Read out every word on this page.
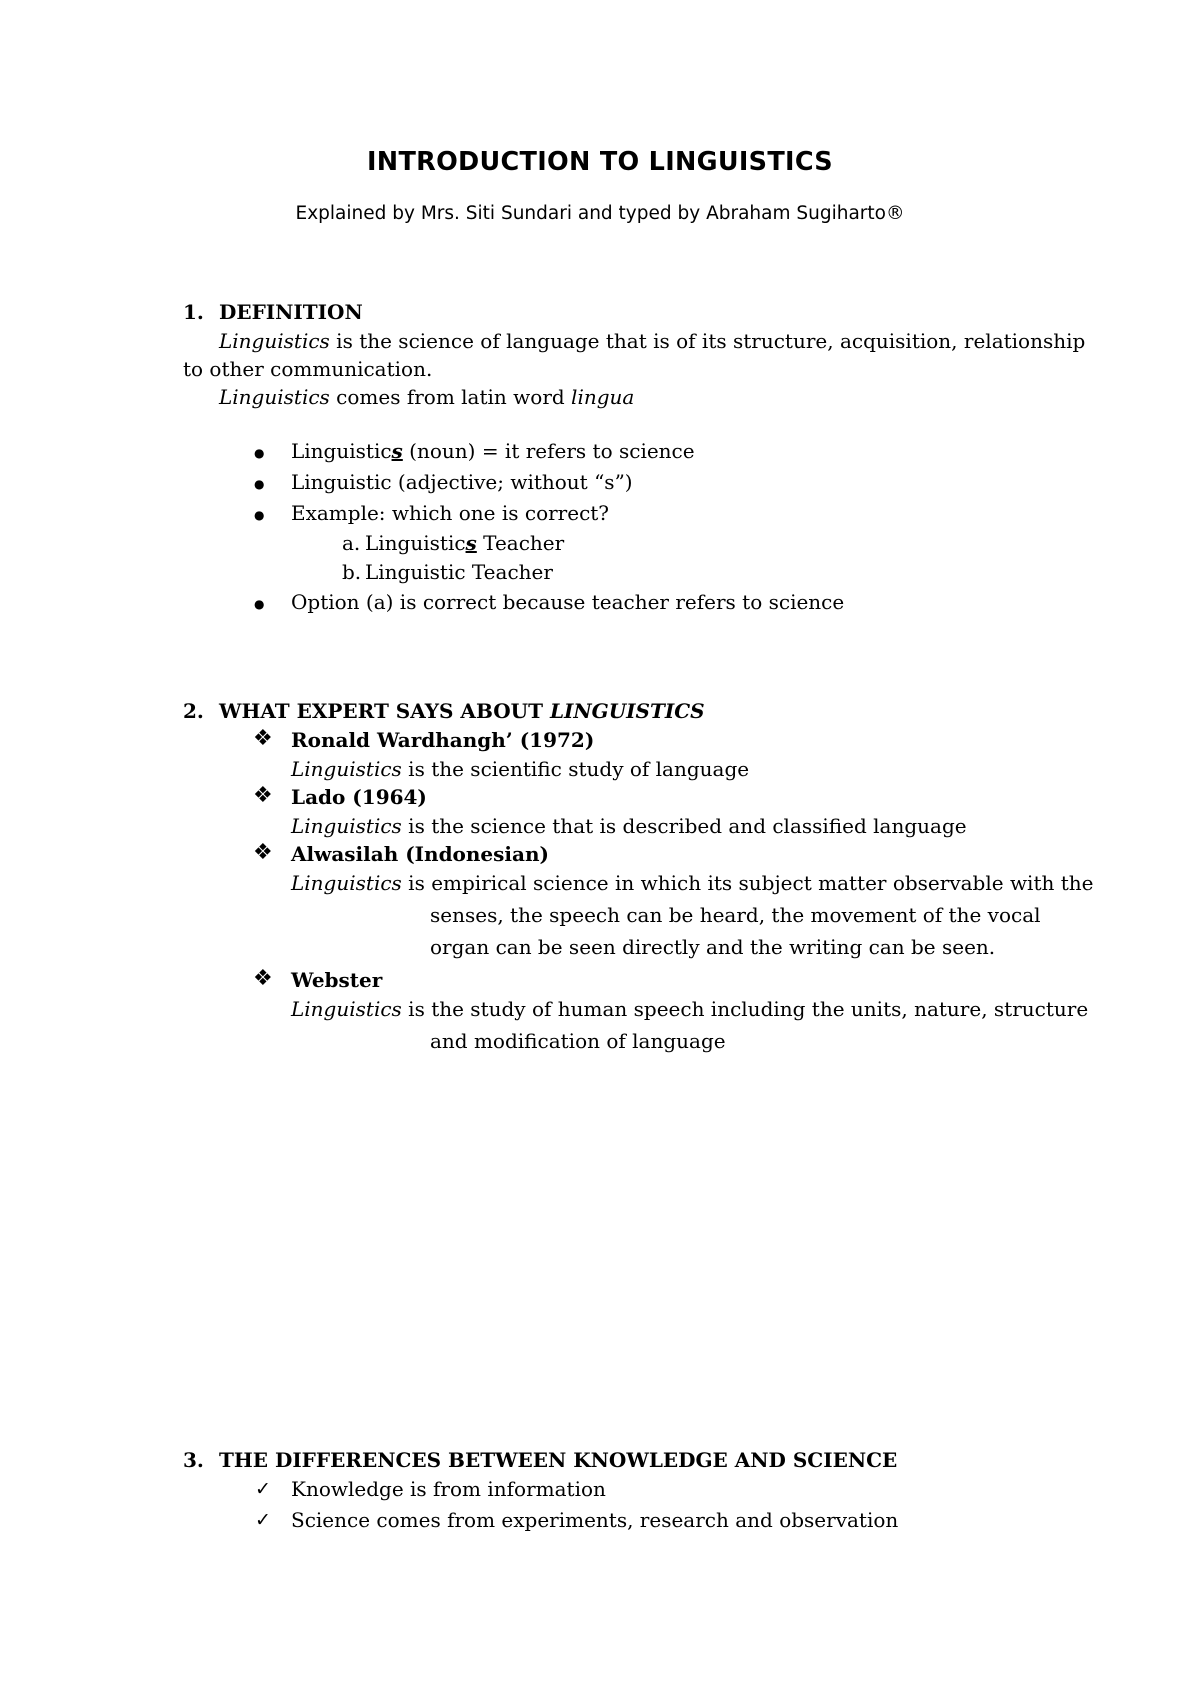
INTRODUCTION TO LINGUISTICS
Explained by Mrs. Siti Sundari and typed by Abraham Sugiharto®
1. DEFINITION
Linguistics is the science of language that is of its structure, acquisition, relationship
to other communication.
Linguistics comes from latin word lingua
● Linguistics (noun) = it refers to science
● Linguistic (adjective; without “s”)
● Example: which one is correct?
a. Linguistics Teacher
b. Linguistic Teacher
● Option (a) is correct because teacher refers to science
2. WHAT EXPERT SAYS ABOUT LINGUISTICS
❖ Ronald Wardhangh’ (1972)
Linguistics is the scientific study of language
❖ Lado (1964)
Linguistics is the science that is described and classified language
❖ Alwasilah (Indonesian)
Linguistics is empirical science in which its subject matter observable with the
senses, the speech can be heard, the movement of the vocal
organ can be seen directly and the writing can be seen.
❖ Webster
Linguistics is the study of human speech including the units, nature, structure
and modification of language
3. THE DIFFERENCES BETWEEN KNOWLEDGE AND SCIENCE
✓ Knowledge is from information
✓ Science comes from experiments, research and observation
